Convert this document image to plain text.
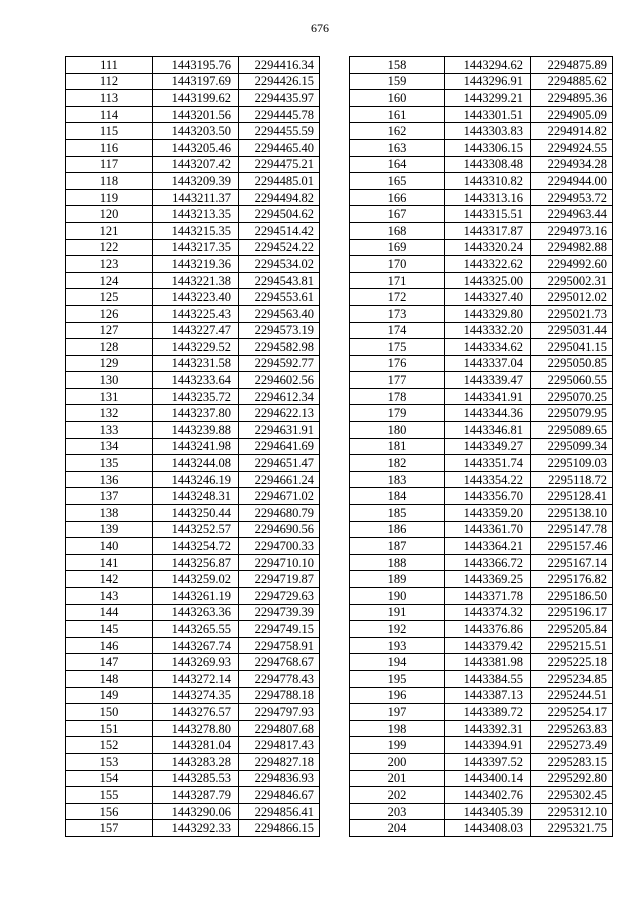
676
111	1443195.76	2294416.34
112	1443197.69	2294426.15
113	1443199.62	2294435.97
114	1443201.56	2294445.78
115	1443203.50	2294455.59
116	1443205.46	2294465.40
117	1443207.42	2294475.21
118	1443209.39	2294485.01
119	1443211.37	2294494.82
120	1443213.35	2294504.62
121	1443215.35	2294514.42
122	1443217.35	2294524.22
123	1443219.36	2294534.02
124	1443221.38	2294543.81
125	1443223.40	2294553.61
126	1443225.43	2294563.40
127	1443227.47	2294573.19
128	1443229.52	2294582.98
129	1443231.58	2294592.77
130	1443233.64	2294602.56
131	1443235.72	2294612.34
132	1443237.80	2294622.13
133	1443239.88	2294631.91
134	1443241.98	2294641.69
135	1443244.08	2294651.47
136	1443246.19	2294661.24
137	1443248.31	2294671.02
138	1443250.44	2294680.79
139	1443252.57	2294690.56
140	1443254.72	2294700.33
141	1443256.87	2294710.10
142	1443259.02	2294719.87
143	1443261.19	2294729.63
144	1443263.36	2294739.39
145	1443265.55	2294749.15
146	1443267.74	2294758.91
147	1443269.93	2294768.67
148	1443272.14	2294778.43
149	1443274.35	2294788.18
150	1443276.57	2294797.93
151	1443278.80	2294807.68
152	1443281.04	2294817.43
153	1443283.28	2294827.18
154	1443285.53	2294836.93
155	1443287.79	2294846.67
156	1443290.06	2294856.41
157	1443292.33	2294866.15
158	1443294.62	2294875.89
159	1443296.91	2294885.62
160	1443299.21	2294895.36
161	1443301.51	2294905.09
162	1443303.83	2294914.82
163	1443306.15	2294924.55
164	1443308.48	2294934.28
165	1443310.82	2294944.00
166	1443313.16	2294953.72
167	1443315.51	2294963.44
168	1443317.87	2294973.16
169	1443320.24	2294982.88
170	1443322.62	2294992.60
171	1443325.00	2295002.31
172	1443327.40	2295012.02
173	1443329.80	2295021.73
174	1443332.20	2295031.44
175	1443334.62	2295041.15
176	1443337.04	2295050.85
177	1443339.47	2295060.55
178	1443341.91	2295070.25
179	1443344.36	2295079.95
180	1443346.81	2295089.65
181	1443349.27	2295099.34
182	1443351.74	2295109.03
183	1443354.22	2295118.72
184	1443356.70	2295128.41
185	1443359.20	2295138.10
186	1443361.70	2295147.78
187	1443364.21	2295157.46
188	1443366.72	2295167.14
189	1443369.25	2295176.82
190	1443371.78	2295186.50
191	1443374.32	2295196.17
192	1443376.86	2295205.84
193	1443379.42	2295215.51
194	1443381.98	2295225.18
195	1443384.55	2295234.85
196	1443387.13	2295244.51
197	1443389.72	2295254.17
198	1443392.31	2295263.83
199	1443394.91	2295273.49
200	1443397.52	2295283.15
201	1443400.14	2295292.80
202	1443402.76	2295302.45
203	1443405.39	2295312.10
204	1443408.03	2295321.75
